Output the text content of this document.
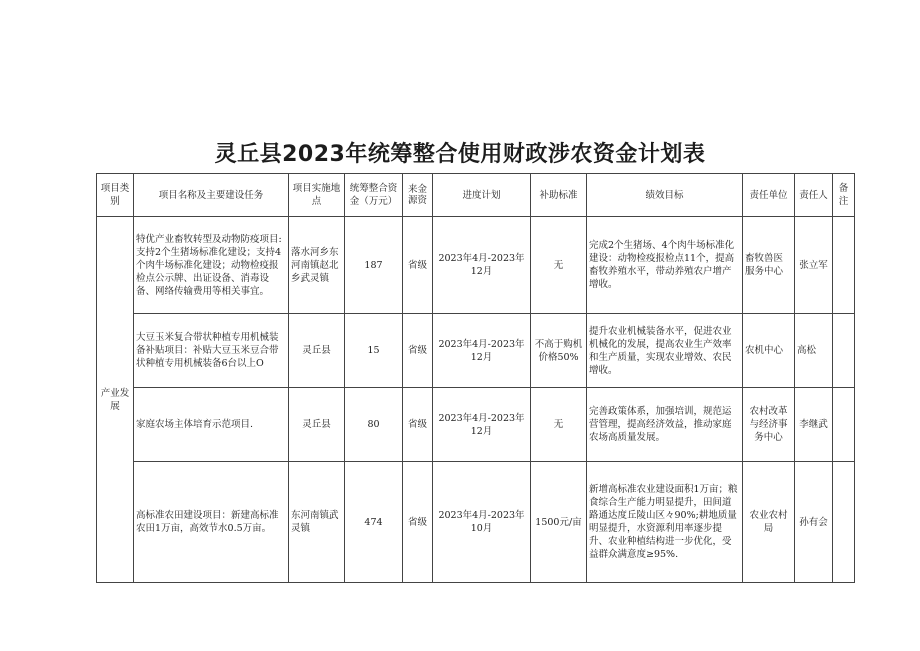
灵丘县2023年统筹整合使用财政涉农资金计划表
项目类别	项目名称及主要建设任务	项目实施地点	统筹整合资金（万元）	来金源资	进度计划	补助标准	绩效目标	责任单位	责任人	备注
产业发展	特优产业畜牧转型及动物防疫项目:支持2个生猪场标准化建设；支持4个肉牛场标准化建设；动物检疫报检点公示牌、出证设备、消毒设备、网络传输费用等相关事宜。	落水河乡东河南镇赵北乡武灵镇	187	省级	2023年4月-2023年12月	无	完成2个生猪场、4个肉牛场标准化建设：动物检疫报检点11个，提高畜牧养殖水平，带动养殖农户增产增收。	畜牧兽医服务中心	张立军	
	大豆玉米复合带状种植专用机械装备补贴项目：补贴大豆玉米豆合带状种植专用机械装备6台以上O	灵丘县	15	省级	2023年4月-2023年12月	不高于购机价格50%	提升农业机械装备水平，促进农业机械化的发展，提高农业生产效率和生产质量，实现农业增效、农民增收。	农机中心	高松	
	家庭农场主体培育示范项目.	灵丘县	80	省级	2023年4月-2023年12月	无	完善政策体系，加强培训，规范运营管理，提高经济效益，推动家庭农场高质量发展。	农村改革与经济事务中心	李继武	
	高标准农田建设项目：新建高标准农田1万亩，高效节水0.5万亩。	东河南镇武灵镇	474	省级	2023年4月-2023年10月	1500元/亩	新增高标准农业建设面积1万亩；粮食综合生产能力明显提升，田间道路通达度丘陵山区々90%;耕地质量明显提升，水资源利用率逐步提升、农业种植结构进一步优化，受益群众满意度≥95%.	农业农村局	孙有会	
